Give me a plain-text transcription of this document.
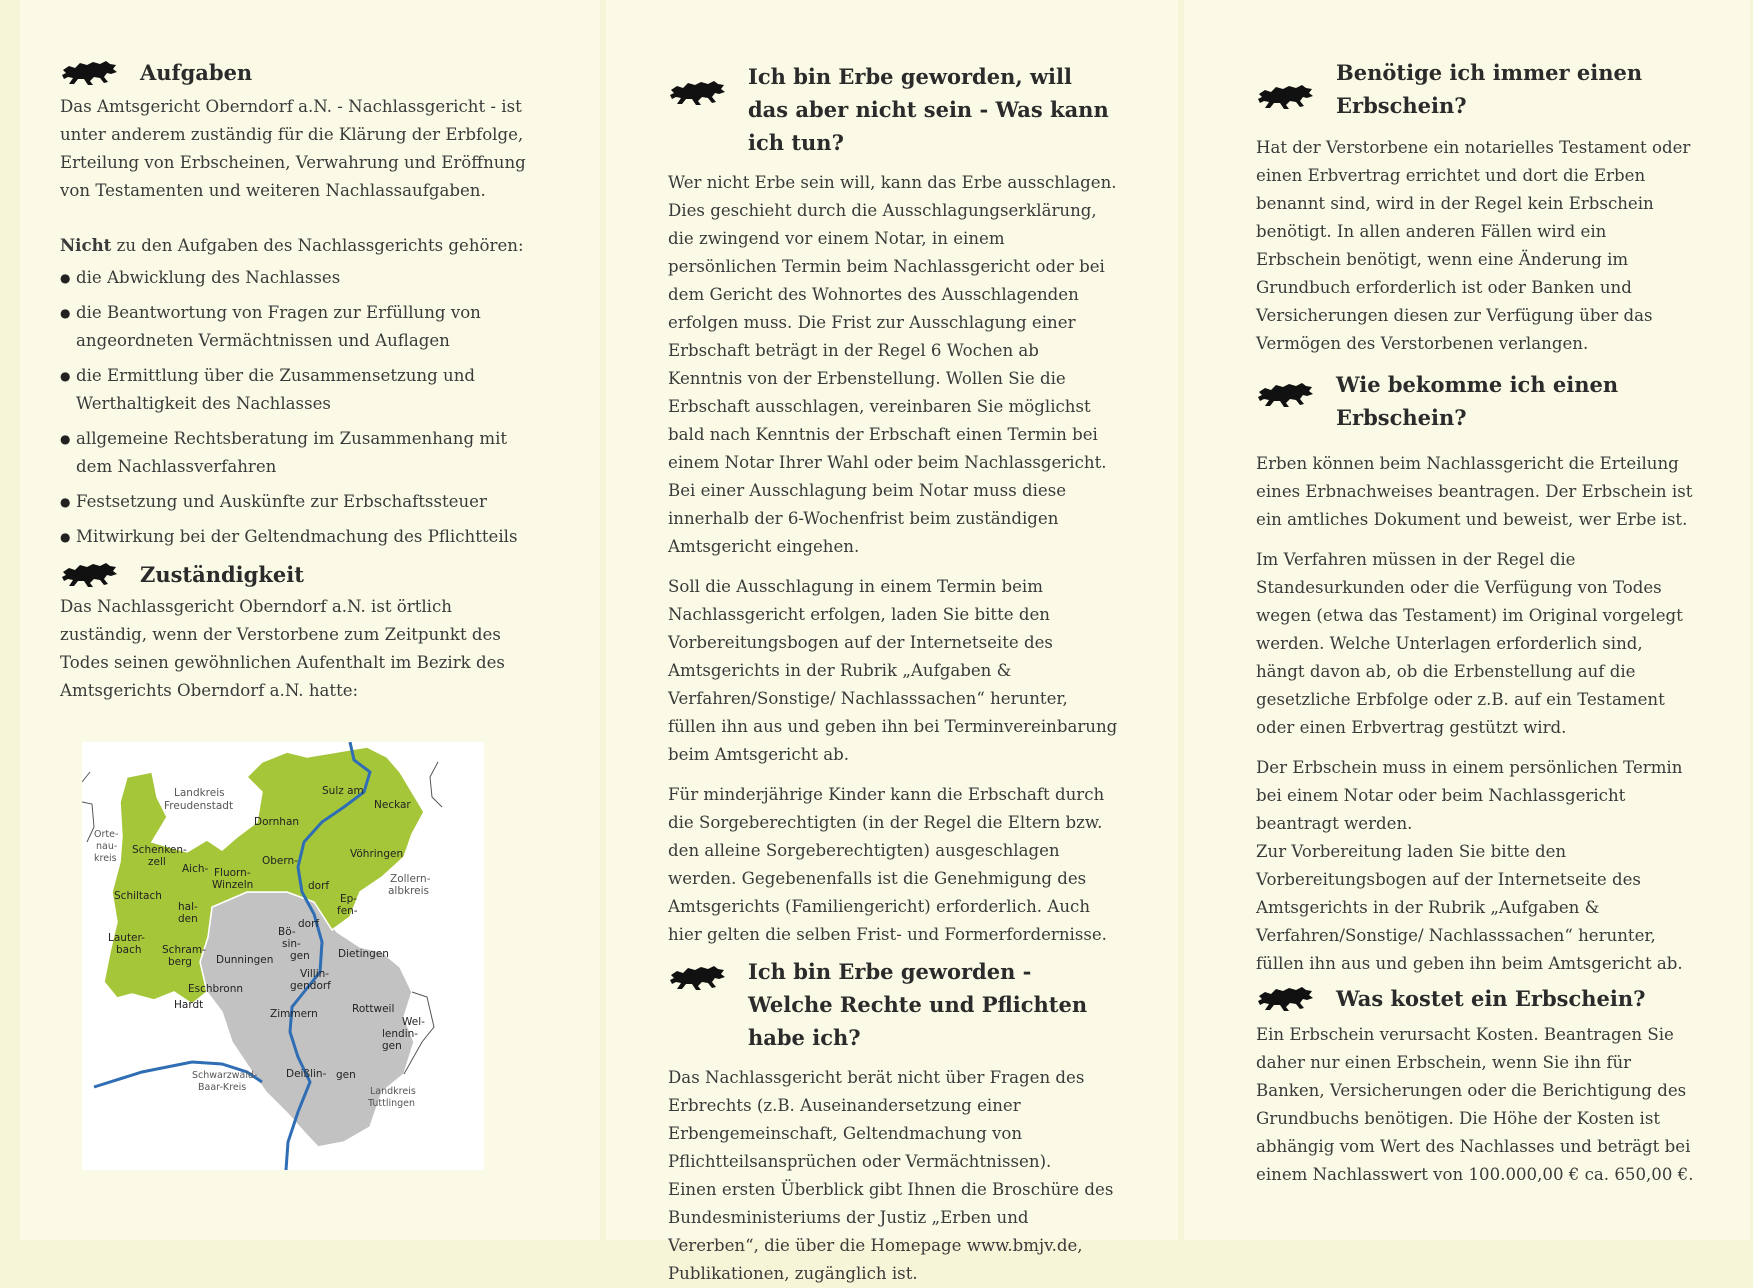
Aufgaben

Das Amtsgericht Oberndorf a.N. - Nachlassgericht - ist unter anderem zuständig für die Klärung der Erbfolge, Erteilung von Erbscheinen, Verwahrung und Eröffnung von Testamenten und weiteren Nachlassaufgaben.

Nicht zu den Aufgaben des Nachlassgerichts gehören:

● die Abwicklung des Nachlasses
● die Beantwortung von Fragen zur Erfüllung von angeordneten Vermächtnissen und Auflagen
● die Ermittlung über die Zusammensetzung und Werthaltigkeit des Nachlasses
● allgemeine Rechtsberatung im Zusammenhang mit dem Nachlassverfahren
● Festsetzung und Auskünfte zur Erbschaftssteuer
● Mitwirkung bei der Geltendmachung des Pflichtteils
Zuständigkeit

Das Nachlassgericht Oberndorf a.N. ist örtlich zuständig, wenn der Verstorbene zum Zeitpunkt des Todes seinen gewöhnlichen Aufenthalt im Bezirk des Amtsgerichts Oberndorf a.N. hatte:

Sulz am
Neckar
Dornhan
Landkreis
Freudenstadt
Orte-
nau-
kreis
Schenken-
zell
Aich- Fluorn-
Winzeln
Obern-
dorf
Vöhringen
Zollern-
albkreis
Schiltach
hal-
den
Ep-
fen-
dorf
Bö-
sin-
gen
Lauter-
bach Schram-
berg Dunningen
Villin-
gendorf
Dietingen
Eschbronn
Hardt
Zimmern	Rottweil
Wel-
lendin-
gen
Deißlin- gen
Schwarzwald-
Baar-Kreis	Landkreis
Tuttlingen
Ich bin Erbe geworden, will das aber nicht sein - Was kann ich tun?

Wer nicht Erbe sein will, kann das Erbe ausschlagen. Dies geschieht durch die Ausschlagungserklärung, die zwingend vor einem Notar, in einem persönlichen Termin beim Nachlassgericht oder bei dem Gericht des Wohnortes des Ausschlagenden erfolgen muss. Die Frist zur Ausschlagung einer Erbschaft beträgt in der Regel 6 Wochen ab Kenntnis von der Erbenstellung. Wollen Sie die Erbschaft ausschlagen, vereinbaren Sie möglichst bald nach Kenntnis der Erbschaft einen Termin bei einem Notar Ihrer Wahl oder beim Nachlassgericht. Bei einer Ausschlagung beim Notar muss diese innerhalb der 6-Wochenfrist beim zuständigen Amtsgericht eingehen.

Soll die Ausschlagung in einem Termin beim Nachlassgericht erfolgen, laden Sie bitte den Vorbereitungsbogen auf der Internetseite des Amtsgerichts in der Rubrik „Aufgaben & Verfahren/Sonstige/ Nachlasssachen“ herunter, füllen ihn aus und geben ihn bei Terminvereinbarung beim Amtsgericht ab.

Für minderjährige Kinder kann die Erbschaft durch die Sorgeberechtigten (in der Regel die Eltern bzw. den alleine Sorgeberechtigten) ausgeschlagen werden. Gegebenenfalls ist die Genehmigung des Amtsgerichts (Familiengericht) erforderlich. Auch hier gelten die selben Frist- und Formerfordernisse.

Ich bin Erbe geworden - Welche Rechte und Pflichten habe ich?

Das Nachlassgericht berät nicht über Fragen des Erbrechts (z.B. Auseinandersetzung einer Erbengemeinschaft, Geltendmachung von Pflichtteilsansprüchen oder Vermächtnissen).

Einen ersten Überblick gibt Ihnen die Broschüre des Bundesministeriums der Justiz „Erben und Vererben“, die über die Homepage www.bmjv.de, Publikationen, zugänglich ist.

Benötige ich immer einen Erbschein?

Hat der Verstorbene ein notarielles Testament oder einen Erbvertrag errichtet und dort die Erben benannt sind, wird in der Regel kein Erbschein benötigt. In allen anderen Fällen wird ein Erbschein benötigt, wenn eine Änderung im Grundbuch erforderlich ist oder Banken und Versicherungen diesen zur Verfügung über das Vermögen des Verstorbenen verlangen.

Wie bekomme ich einen Erbschein?

Erben können beim Nachlassgericht die Erteilung eines Erbnachweises beantragen. Der Erbschein ist ein amtliches Dokument und beweist, wer Erbe ist.

Im Verfahren müssen in der Regel die Standesurkunden oder die Verfügung von Todes wegen (etwa das Testament) im Original vorgelegt werden. Welche Unterlagen erforderlich sind, hängt davon ab, ob die Erbenstellung auf die gesetzliche Erbfolge oder z.B. auf ein Testament oder einen Erbvertrag gestützt wird.

Der Erbschein muss in einem persönlichen Termin bei einem Notar oder beim Nachlassgericht beantragt werden.

Zur Vorbereitung laden Sie bitte den Vorbereitungsbogen auf der Internetseite des Amtsgerichts in der Rubrik „Aufgaben & Verfahren/Sonstige/ Nachlasssachen“ herunter, füllen ihn aus und geben ihn beim Amtsgericht ab.

Was kostet ein Erbschein?

Ein Erbschein verursacht Kosten. Beantragen Sie daher nur einen Erbschein, wenn Sie ihn für Banken, Versicherungen oder die Berichtigung des Grundbuchs benötigen. Die Höhe der Kosten ist abhängig vom Wert des Nachlasses und beträgt bei einem Nachlasswert von 100.000,00 € ca. 650,00 €.
